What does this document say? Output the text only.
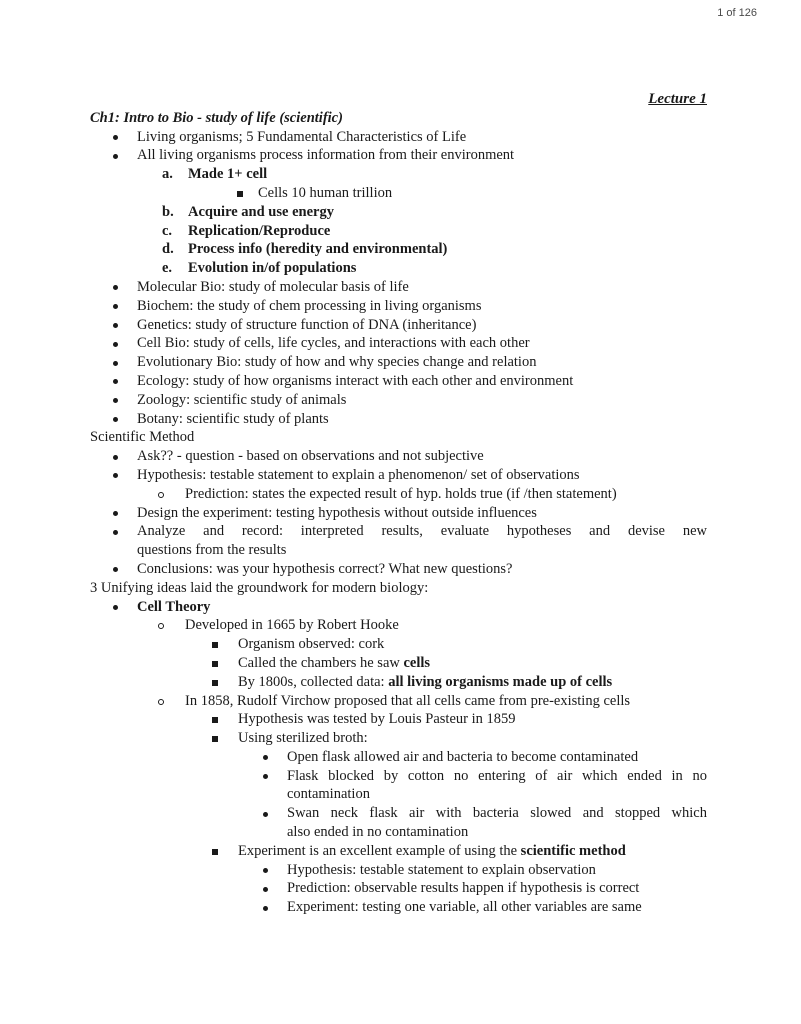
1 of 126
Lecture 1
Ch1: Intro to Bio - study of life (scientific)
Living organisms; 5 Fundamental Characteristics of Life
All living organisms process information from their environment
a. Made 1+ cell
Cells 10 human trillion
b. Acquire and use energy
c. Replication/Reproduce
d. Process info (heredity and environmental)
e. Evolution in/of populations
Molecular Bio: study of molecular basis of life
Biochem: the study of chem processing in living organisms
Genetics: study of structure function of DNA (inheritance)
Cell Bio: study of cells, life cycles, and interactions with each other
Evolutionary Bio: study of how and why species change and relation
Ecology: study of how organisms interact with each other and environment
Zoology: scientific study of animals
Botany: scientific study of plants
Scientific Method
Ask?? - question - based on observations and not subjective
Hypothesis: testable statement to explain a phenomenon/ set of observations
Prediction: states the expected result of hyp. holds true (if /then statement)
Design the experiment: testing hypothesis without outside influences
Analyze and record: interpreted results, evaluate hypotheses and devise new
questions from the results
Conclusions: was your hypothesis correct? What new questions?
3 Unifying ideas laid the groundwork for modern biology:
Cell Theory
Developed in 1665 by Robert Hooke
Organism observed: cork
Called the chambers he saw cells
By 1800s, collected data: all living organisms made up of cells
In 1858, Rudolf Virchow proposed that all cells came from pre-existing cells
Hypothesis was tested by Louis Pasteur in 1859
Using sterilized broth:
Open flask allowed air and bacteria to become contaminated
Flask blocked by cotton no entering of air which ended in no
contamination
Swan neck flask air with bacteria slowed and stopped which
also ended in no contamination
Experiment is an excellent example of using the scientific method
Hypothesis: testable statement to explain observation
Prediction: observable results happen if hypothesis is correct
Experiment: testing one variable, all other variables are same
